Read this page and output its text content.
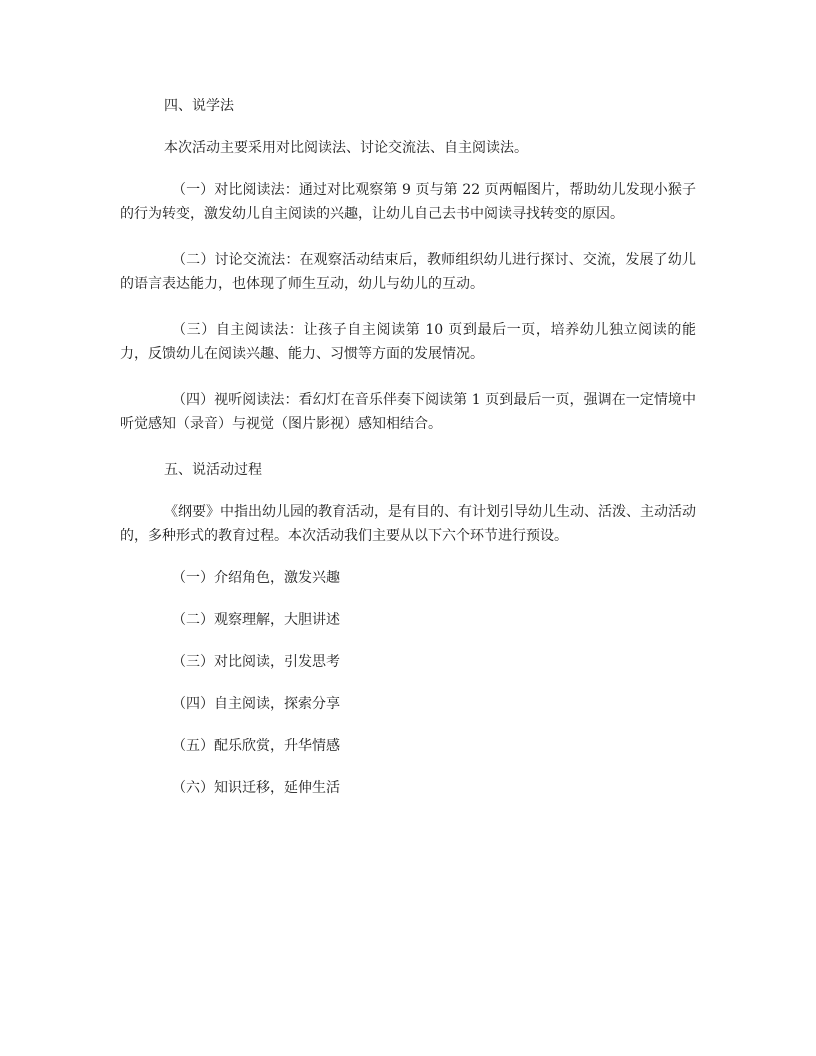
四、说学法

本次活动主要采用对比阅读法、讨论交流法、自主阅读法。

（一）对比阅读法：通过对比观察第 9 页与第 22 页两幅图片，帮助幼儿发现小猴子的行为转变，激发幼儿自主阅读的兴趣，让幼儿自己去书中阅读寻找转变的原因。

（二）讨论交流法：在观察活动结束后，教师组织幼儿进行探讨、交流，发展了幼儿的语言表达能力，也体现了师生互动，幼儿与幼儿的互动。

（三）自主阅读法：让孩子自主阅读第 10 页到最后一页，培养幼儿独立阅读的能力，反馈幼儿在阅读兴趣、能力、习惯等方面的发展情况。

（四）视听阅读法：看幻灯在音乐伴奏下阅读第 1 页到最后一页，强调在一定情境中听觉感知（录音）与视觉（图片影视）感知相结合。

五、说活动过程

《纲要》中指出幼儿园的教育活动，是有目的、有计划引导幼儿生动、活泼、主动活动的，多种形式的教育过程。本次活动我们主要从以下六个环节进行预设。

（一）介绍角色，激发兴趣

（二）观察理解，大胆讲述

（三）对比阅读，引发思考

（四）自主阅读，探索分享

（五）配乐欣赏，升华情感

（六）知识迁移，延伸生活
